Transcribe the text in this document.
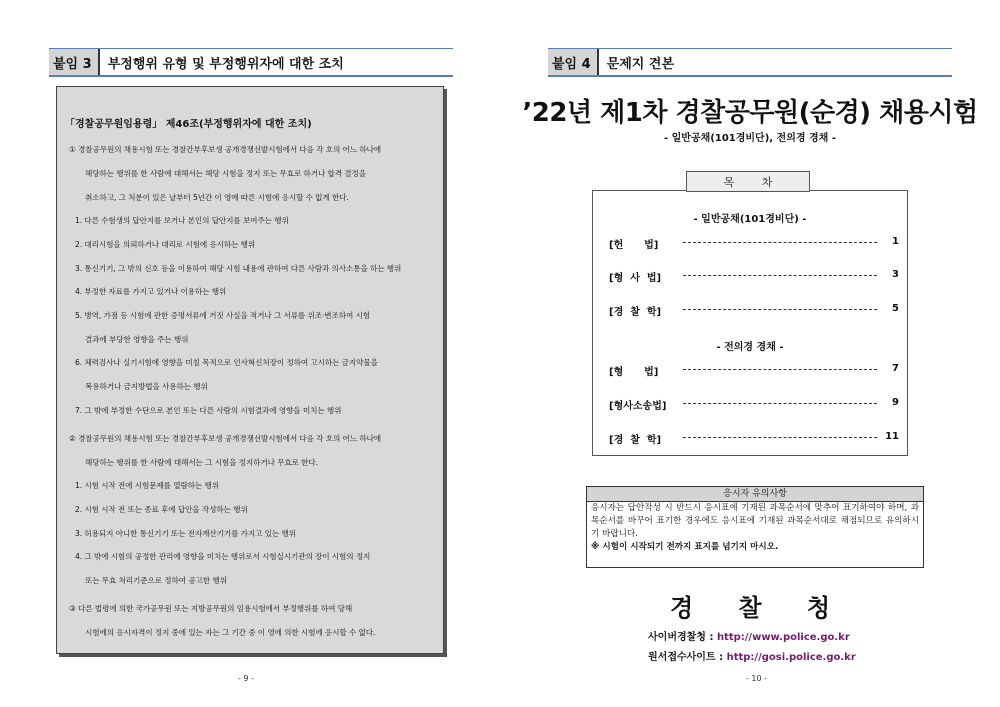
붙임 3	부정행위 유형 및 부정행위자에 대한 조치
「경찰공무원임용령」 제46조(부정행위자에 대한 조치)
① 경찰공무원의 채용시험 또는 경찰간부후보생 공개경쟁선발시험에서 다음 각 호의 어느 하나에
해당하는 행위를 한 사람에 대해서는 해당 시험을 정지 또는 무효로 하거나 합격 결정을
취소하고, 그 처분이 있은 날부터 5년간 이 영에 따른 시험에 응시할 수 없게 한다.
1. 다른 수험생의 답안지를 보거나 본인의 답안지를 보여주는 행위
2. 대리시험을 의뢰하거나 대리로 시험에 응시하는 행위
3. 통신기기, 그 밖의 신호 등을 이용하여 해당 시험 내용에 관하여 다른 사람과 의사소통을 하는 행위
4. 부정한 자료를 가지고 있거나 이용하는 행위
5. 병역, 가점 등 시험에 관한 증명서류에 거짓 사실을 적거나 그 서류를 위조·변조하여 시험
결과에 부당한 영향을 주는 행위
6. 체력검사나 실기시험에 영향을 미칠 목적으로 인사혁신처장이 정하여 고시하는 금지약물을
복용하거나 금지방법을 사용하는 행위
7. 그 밖에 부정한 수단으로 본인 또는 다른 사람의 시험결과에 영향을 미치는 행위
② 경찰공무원의 채용시험 또는 경찰간부후보생 공개경쟁선발시험에서 다음 각 호의 어느 하나에
해당하는 행위를 한 사람에 대해서는 그 시험을 정지하거나 무효로 한다.
1. 시험 시작 전에 시험문제를 열람하는 행위
2. 시험 시작 전 또는 종료 후에 답안을 작성하는 행위
3. 허용되지 아니한 통신기기 또는 전자계산기기를 가지고 있는 행위
4. 그 밖에 시험의 공정한 관리에 영향을 미치는 행위로서 시험실시기관의 장이 시험의 정지
또는 무효 처리기준으로 정하여 공고한 행위
③ 다른 법령에 의한 국가공무원 또는 지방공무원의 임용시험에서 부정행위를 하여 당해
시험에의 응시자격이 정지 중에 있는 자는 그 기간 중 이 영에 의한 시험에 응시할 수 없다.
- 9 -
붙임 4	문제지 견본
’22년 제1차 경찰공무원(순경) 채용시험
- 일반공채(101경비단), 전의경 경채 -
목 차
- 일반공채(101경비단) -
[헌      법]	1
[형  사  법]	3
[경  찰  학]	5
- 전의경 경채 -
[형      법]	7
[형사소송법]	9
[경  찰  학]	11
응시자 유의사항
응시자는 답안작성 시 반드시 응시표에 기재된 과목순서에 맞추어 표기하여야 하며, 과목순서를 바꾸어 표기한 경우에도 응시표에 기재된 과목순서대로 채점되므로 유의하시기 바랍니다.
※ 시험이 시작되기 전까지 표지를 넘기지 마시오.
경 찰 청
사이버경찰청 : http://www.police.go.kr
원서접수사이트 : http://gosi.police.go.kr
- 10 -
